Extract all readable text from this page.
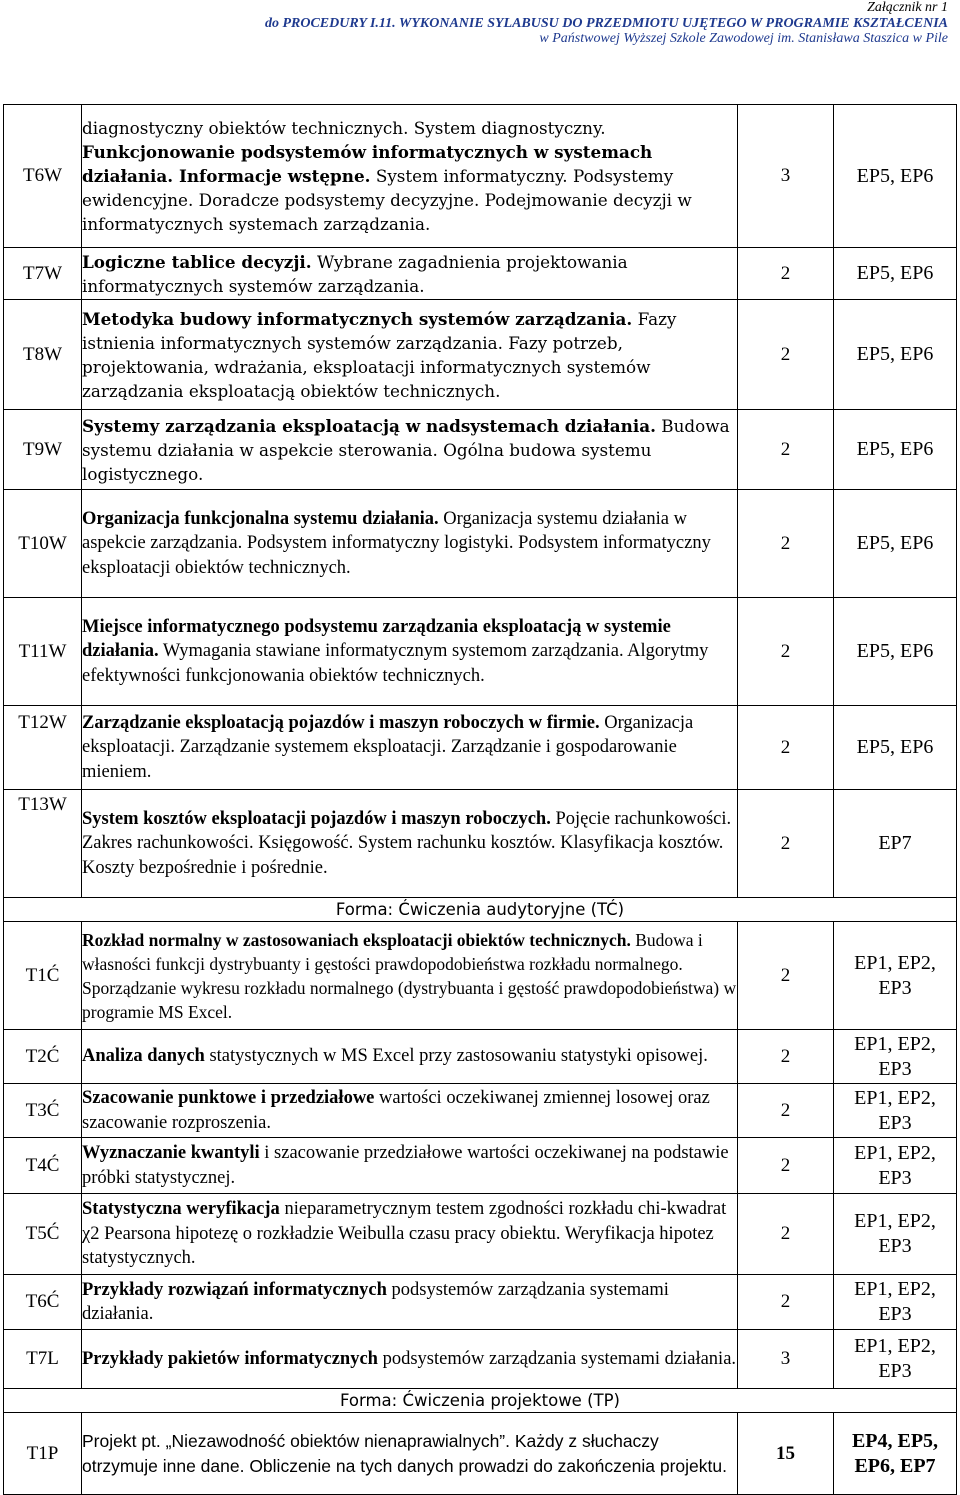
Załącznik nr 1
do PROCEDURY I.11. WYKONANIE SYLABUSU DO PRZEDMIOTU UJĘTEGO W PROGRAMIE KSZTAŁCENIA
w Państwowej Wyższej Szkole Zawodowej im. Stanisława Staszica w Pile
T6W	diagnostyczny obiektów technicznych. System diagnostyczny. Funkcjonowanie podsystemów informatycznych w systemach działania. Informacje wstępne. System informatyczny. Podsystemy ewidencyjne. Doradcze podsystemy decyzyjne. Podejmowanie decyzji w informatycznych systemach zarządzania.	3	EP5, EP6
T7W	Logiczne tablice decyzji. Wybrane zagadnienia projektowania informatycznych systemów zarządzania.	2	EP5, EP6
T8W	Metodyka budowy informatycznych systemów zarządzania. Fazy istnienia informatycznych systemów zarządzania. Fazy potrzeb, projektowania, wdrażania, eksploatacji informatycznych systemów zarządzania eksploatacją obiektów technicznych.	2	EP5, EP6
T9W	Systemy zarządzania eksploatacją w nadsystemach działania. Budowa systemu działania w aspekcie sterowania. Ogólna budowa systemu logistycznego.	2	EP5, EP6
T10W	Organizacja funkcjonalna systemu działania. Organizacja systemu działania w aspekcie zarządzania. Podsystem informatyczny logistyki. Podsystem informatyczny eksploatacji obiektów technicznych.	2	EP5, EP6
T11W	Miejsce informatycznego podsystemu zarządzania eksploatacją w systemie działania. Wymagania stawiane informatycznym systemom zarządzania. Algorytmy efektywności funkcjonowania obiektów technicznych.	2	EP5, EP6
T12W	Zarządzanie eksploatacją pojazdów i maszyn roboczych w firmie. Organizacja eksploatacji. Zarządzanie systemem eksploatacji. Zarządzanie i gospodarowanie mieniem.	2	EP5, EP6
T13W	System kosztów eksploatacji pojazdów i maszyn roboczych. Pojęcie rachunkowości. Zakres rachunkowości. Księgowość. System rachunku kosztów. Klasyfikacja kosztów. Koszty bezpośrednie i pośrednie.	2	EP7
Forma: Ćwiczenia audytoryjne (TĆ)			
T1Ć	Rozkład normalny w zastosowaniach eksploatacji obiektów technicznych. Budowa i własności funkcji dystrybuanty i gęstości prawdopodobieństwa rozkładu normalnego. Sporządzanie wykresu rozkładu normalnego (dystrybuanta i gęstość prawdopodobieństwa) w programie MS Excel.	2	EP1, EP2, EP3
T2Ć	Analiza danych statystycznych w MS Excel przy zastosowaniu statystyki opisowej.	2	EP1, EP2, EP3
T3Ć	Szacowanie punktowe i przedziałowe wartości oczekiwanej zmiennej losowej oraz szacowanie rozproszenia.	2	EP1, EP2, EP3
T4Ć	Wyznaczanie kwantyli i szacowanie przedziałowe wartości oczekiwanej na podstawie próbki statystycznej.	2	EP1, EP2, EP3
T5Ć	Statystyczna weryfikacja nieparametrycznym testem zgodności rozkładu chi-kwadrat χ2 Pearsona hipotezę o rozkładzie Weibulla czasu pracy obiektu. Weryfikacja hipotez statystycznych.	2	EP1, EP2, EP3
T6Ć	Przykłady rozwiązań informatycznych podsystemów zarządzania systemami działania.	2	EP1, EP2, EP3
T7L	Przykłady pakietów informatycznych podsystemów zarządzania systemami działania.	3	EP1, EP2, EP3
Forma: Ćwiczenia projektowe (TP)			
T1P	Projekt pt. „Niezawodność obiektów nienaprawialnych”. Każdy z słuchaczy otrzymuje inne dane. Obliczenie na tych danych prowadzi do zakończenia projektu.	15	EP4, EP5, EP6, EP7
